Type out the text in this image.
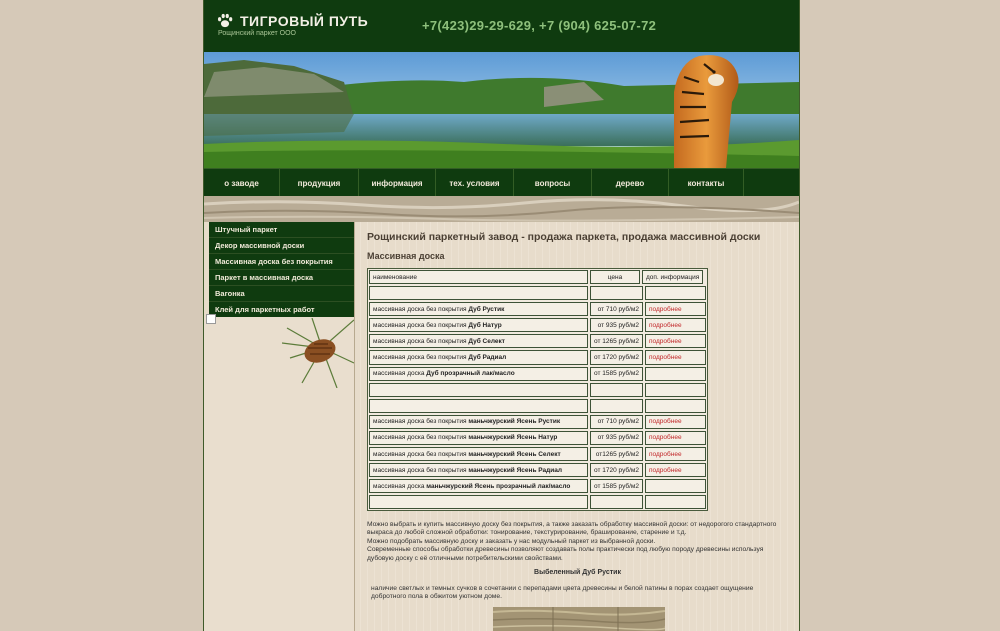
ТИГРОВЫЙ ПУТЬ
Рощинский паркет ООО
+7(423)29-29-629, +7 (904) 625-07-72
о заводе	продукция	информация	тех. условия	вопросы	дерево	контакты
Штучный паркет
Декор массивной доски
Массивная доска без покрытия
Паркет в массивная доска
Вагонка
Клей для паркетных работ
Рощинский паркетный завод - продажа паркета, продажа массивной доски
Массивная доска
наименование	цена	доп. информация
массивная доска без покрытия Дуб Рустик	от 710 руб/м2	подробнее
массивная доска без покрытия Дуб Натур	от 935 руб/м2	подробнее
массивная доска без покрытия Дуб Селект	от 1265 руб/м2	подробнее
массивная доска без покрытия Дуб Радиал	от 1720 руб/м2	подробнее
массивная доска Дуб прозрачный лак/масло	от 1585 руб/м2
массивная доска без покрытия маньчжурский Ясень Рустик	от 710 руб/м2	подробнее
массивная доска без покрытия маньчжурский Ясень Натур	от 935 руб/м2	подробнее
массивная доска без покрытия маньчжурский Ясень Селект	от1265 руб/м2	подробнее
массивная доска без покрытия маньчжурский Ясень Радиал	от 1720 руб/м2	подробнее
массивная доска маньчжурский Ясень прозрачный лак/масло	от 1585 руб/м2

Можно выбрать и купить массивную доску без покрытия, а также заказать обработку массивной доски: от недорогого стандартного выкраса до любой сложной обработки: тонирование, текстурирование, браширование, старение и т.д.

Можно подобрать массивную доску и заказать у нас модульный паркет из выбранной доски.

Современные способы обработки древесины позволяют создавать полы практически под любую породу древесины используя дубовую доску с её отличными потребительскими свойствами.

Выбеленный Дуб Рустик
наличие светлых и темных сучков в сочетании с перепадами цвета древесины и белой патины в порах создает ощущение добротного пола в обжитом уютном доме.
